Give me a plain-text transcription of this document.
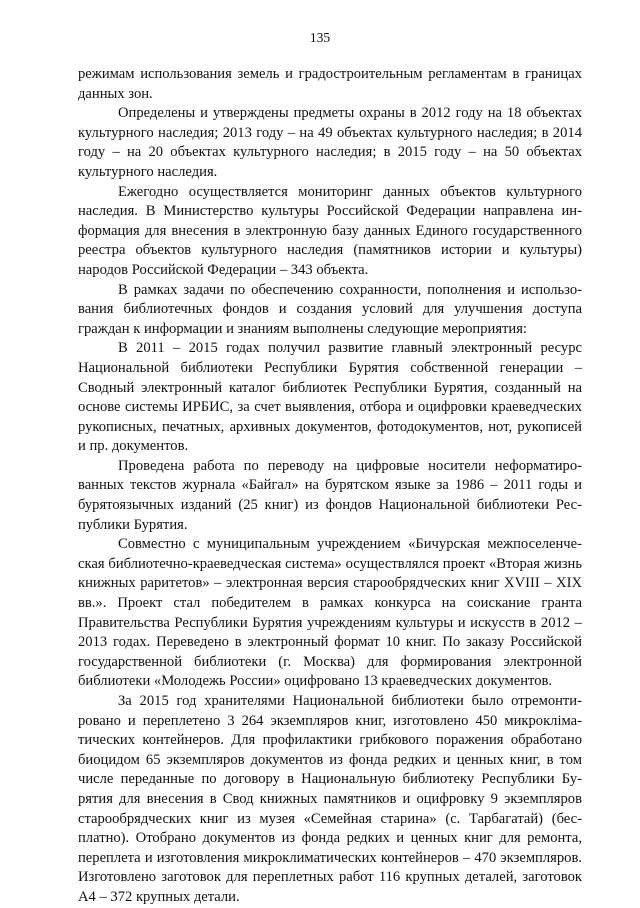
135

режимам использования земель и градостроительным регламентам в границах данных зон.

Определены и утверждены предметы охраны в 2012 году на 18 объектах культурного наследия; 2013 году – на 49 объектах культурного наследия; в 2014 году – на 20 объектах культурного наследия; в 2015 году – на 50 объектах культурного наследия.

Ежегодно осуществляется мониторинг данных объектов культурного наследия. В Министерство культуры Российской Федерации направлена информация для внесения в электронную базу данных Единого государственного реестра объектов культурного наследия (памятников истории и культуры) народов Российской Федерации – 343 объекта.

В рамках задачи по обеспечению сохранности, пополнения и использования библиотечных фондов и создания условий для улучшения доступа граждан к информации и знаниям выполнены следующие мероприятия:

В 2011 – 2015 годах получил развитие главный электронный ресурс Национальной библиотеки Республики Бурятия собственной генерации – Сводный электронный каталог библиотек Республики Бурятия, созданный на основе системы ИРБИС, за счет выявления, отбора и оцифровки краеведческих рукописных, печатных, архивных документов, фотодокументов, нот, рукописей и пр. документов.

Проведена работа по переводу на цифровые носители неформатированных текстов журнала «Байгал» на бурятском языке за 1986 – 2011 годы и бурятоязычных изданий (25 книг) из фондов Национальной библиотеки Республики Бурятия.

Совместно с муниципальным учреждением «Бичурская межпоселенческая библиотечно-краеведческая система» осуществлялся проект «Вторая жизнь книжных раритетов» – электронная версия старообрядческих книг XVIII – XIX вв.». Проект стал победителем в рамках конкурса на соискание гранта Правительства Республики Бурятия учреждениям культуры и искусств в 2012 – 2013 годах. Переведено в электронный формат 10 книг. По заказу Российской государственной библиотеки (г. Москва) для формирования электронной библиотеки «Молодежь России» оцифровано 13 краеведческих документов.

За 2015 год хранителями Национальной библиотеки было отремонтировано и переплетено 3 264 экземпляров книг, изготовлено 450 микрокліматических контейнеров. Для профилактики грибкового поражения обработано биоцидом 65 экземпляров документов из фонда редких и ценных книг, в том числе переданные по договору в Национальную библиотеку Республики Бурятия для внесения в Свод книжных памятников и оцифровку 9 экземпляров старообрядческих книг из музея «Семейная старина» (с. Тарбагатай) (бесплатно). Отобрано документов из фонда редких и ценных книг для ремонта, переплета и изготовления микроклиматических контейнеров – 470 экземпляров. Изготовлено заготовок для переплетных работ 116 крупных деталей, заготовок А4 – 372 крупных детали.
